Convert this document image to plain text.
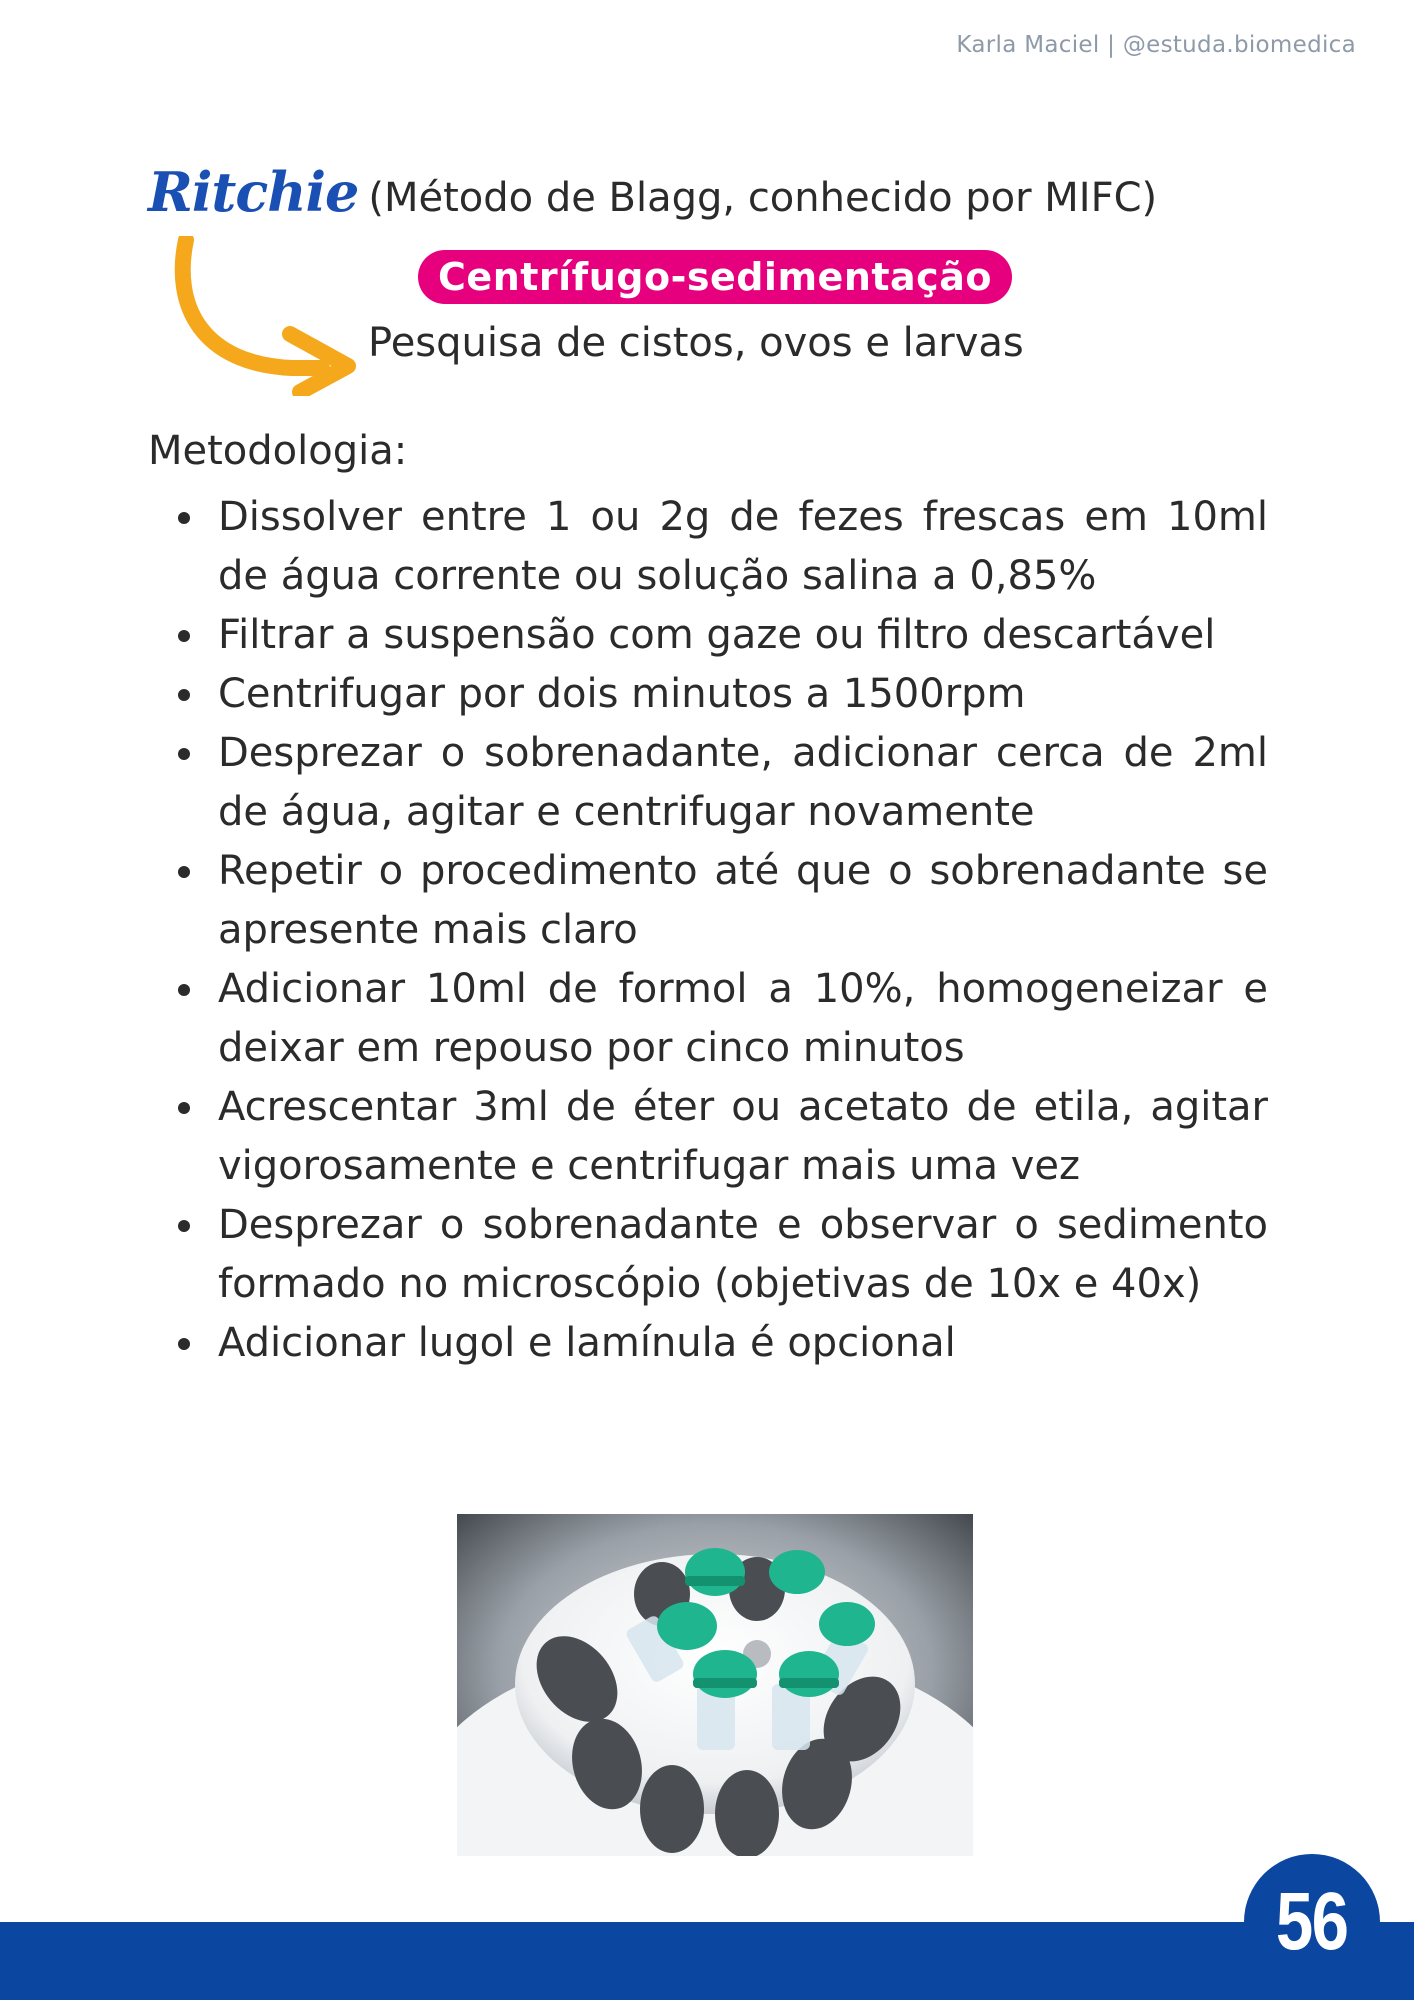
Karla Maciel | @estuda.biomedica
Ritchie (Método de Blagg, conhecido por MIFC)
Centrífugo-sedimentação
Pesquisa de cistos, ovos e larvas
Metodologia:
Dissolver entre 1 ou 2g de fezes frescas em 10ml de água corrente ou solução salina a 0,85%
Filtrar a suspensão com gaze ou filtro descartável
Centrifugar por dois minutos a 1500rpm
Desprezar o sobrenadante, adicionar cerca de 2ml de água, agitar e centrifugar novamente
Repetir o procedimento até que o sobrenadante se apresente mais claro
Adicionar 10ml de formol a 10%, homogeneizar e deixar em repouso por cinco minutos
Acrescentar 3ml de éter ou acetato de etila, agitar vigorosamente e centrifugar mais uma vez
Desprezar o sobrenadante e observar o sedimento formado no microscópio (objetivas de 10x e 40x)
Adicionar lugol e lamínula é opcional
56
